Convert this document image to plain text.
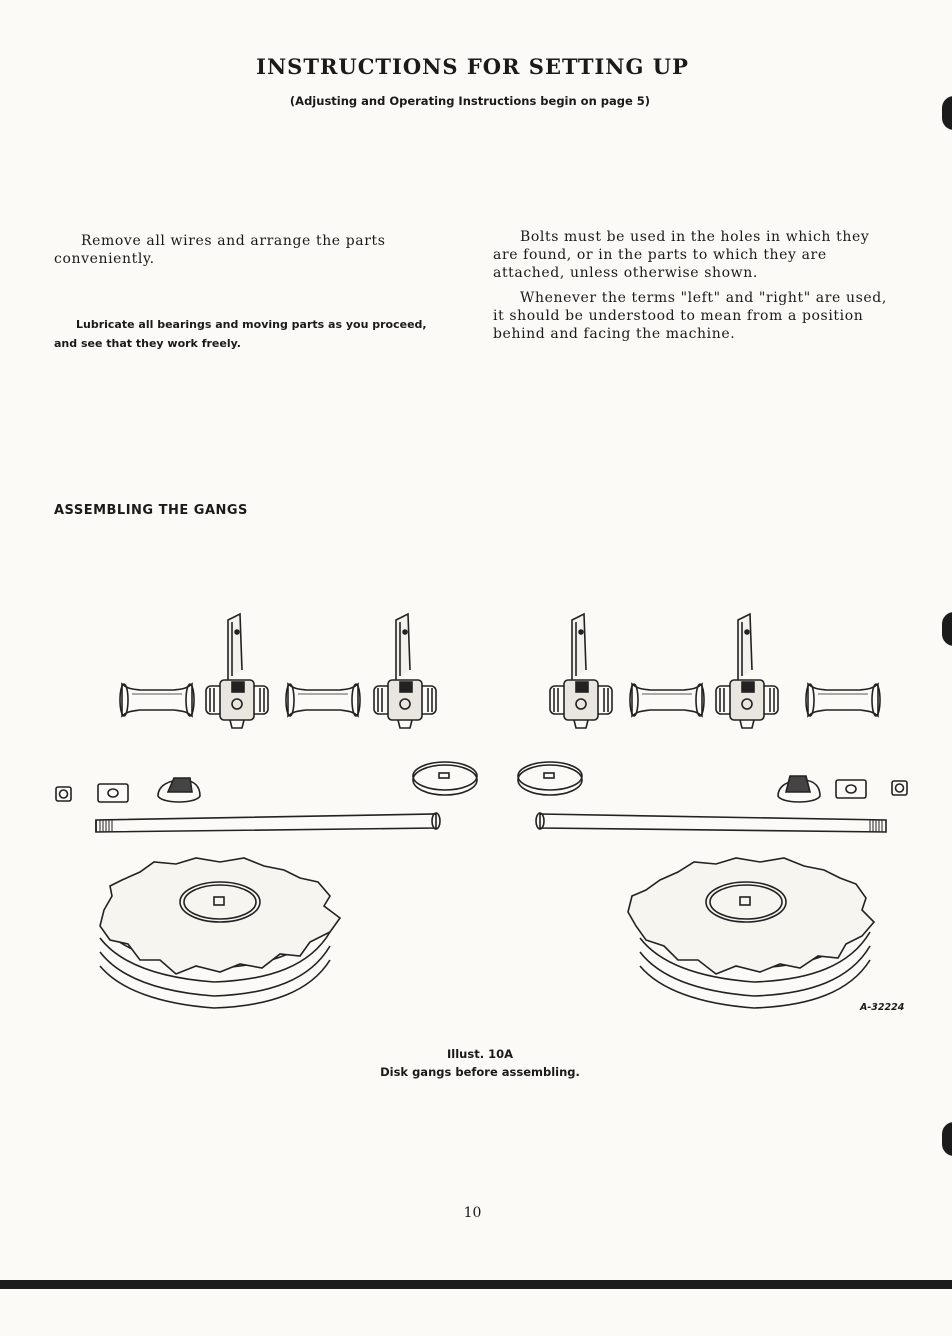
INSTRUCTIONS FOR SETTING UP
(Adjusting and Operating Instructions begin on page 5)

Remove all wires and arrange the parts conveniently.

Lubricate all bearings and moving parts as you proceed, and see that they work freely.

Bolts must be used in the holes in which they are found, or in the parts to which they are attached, unless otherwise shown.

Whenever the terms "left" and "right" are used, it should be understood to mean from a position behind and facing the machine.

ASSEMBLING THE GANGS
A-32224
Illust. 10A
Disk gangs before assembling.
10
